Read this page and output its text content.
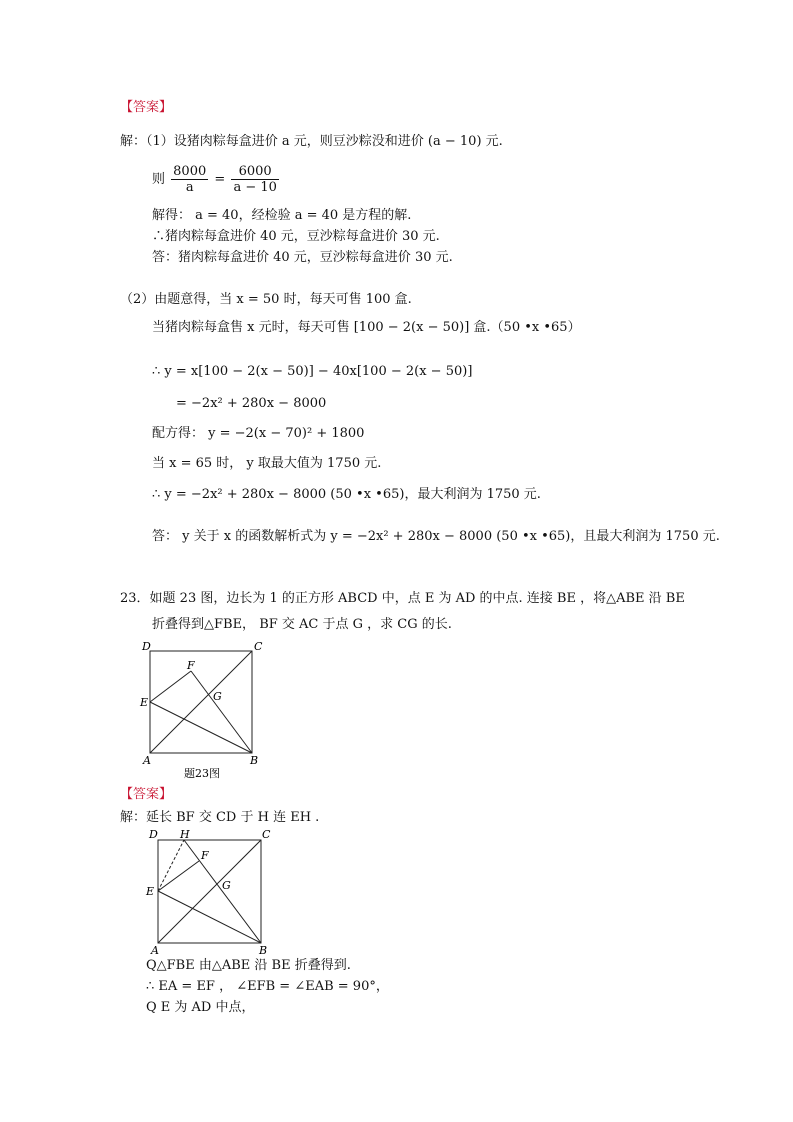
【答案】
解：（1）设猪肉粽每盒进价 a 元，则豆沙粽没和进价 (a − 10) 元.
则 $\frac{8000}{a} = \frac{6000}{a - 10}$
解得： a = 40，经检验 a = 40 是方程的解.
∴猪肉粽每盒进价 40 元，豆沙粽每盒进价 30 元.
答：猪肉粽每盒进价 40 元，豆沙粽每盒进价 30 元.
（2）由题意得，当 x = 50 时，每天可售 100 盒.
当猪肉粽每盒售 x 元时，每天可售 [100 − 2(x − 50)] 盒.（50 •x •65）
∴ y = x[100 − 2(x − 50)] − 40x[100 − 2(x − 50)]
= −2x² + 280x − 8000
配方得： y = −2(x − 70)² + 1800
当 x = 65 时， y 取最大值为 1750 元.
∴ y = −2x² + 280x − 8000 (50 •x •65)，最大利润为 1750 元.
答： y 关于 x 的函数解析式为 y = −2x² + 280x − 8000 (50 •x •65)，且最大利润为 1750 元.
23．如题 23 图，边长为 1 的正方形 ABCD 中，点 E 为 AD 的中点. 连接 BE ，将△ABE 沿 BE
折叠得到△FBE， BF 交 AC 于点 G ，求 CG 的长.
D	C
E
F
G
A	B
题23图
【答案】
解：延长 BF 交 CD 于 H 连 EH .
D H	C
F
G
E
A	B
Q△FBE 由△ABE 沿 BE 折叠得到.
∴ EA = EF ， ∠EFB = ∠EAB = 90°，
Q E 为 AD 中点，
